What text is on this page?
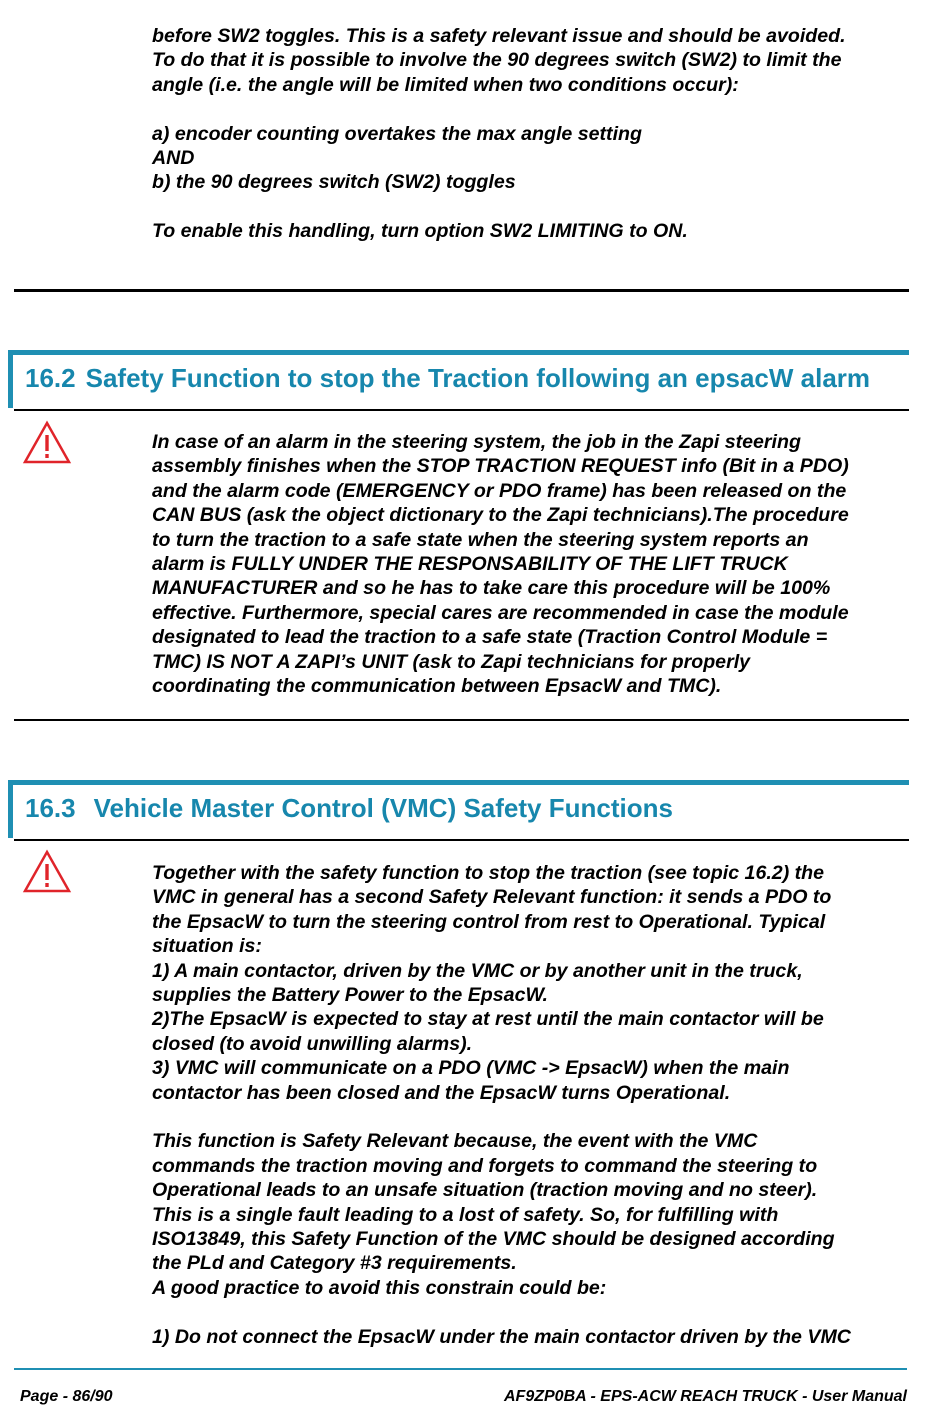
before SW2 toggles. This is a safety relevant issue and should be avoided.

To do that it is possible to involve the 90 degrees switch (SW2) to limit the

angle (i.e. the angle will be limited when two conditions occur):

a) encoder counting overtakes the max angle setting

AND

b) the 90 degrees switch (SW2) toggles

To enable this handling, turn option SW2 LIMITING to ON.

16.2 Safety Function to stop the Traction following an epsacW alarm

In case of an alarm in the steering system, the job in the Zapi steering

assembly finishes when the STOP TRACTION REQUEST info (Bit in a PDO)

and the alarm code (EMERGENCY or PDO frame) has been released on the

CAN BUS (ask the object dictionary to the Zapi technicians).The procedure

to turn the traction to a safe state when the steering system reports an

alarm is FULLY UNDER THE RESPONSABILITY OF THE LIFT TRUCK

MANUFACTURER and so he has to take care this procedure will be 100%

effective. Furthermore, special cares are recommended in case the module

designated to lead the traction to a safe state (Traction Control Module =

TMC) IS NOT A ZAPI’s UNIT (ask to Zapi technicians for properly

coordinating the communication between EpsacW and TMC).

16.3 Vehicle Master Control (VMC) Safety Functions

Together with the safety function to stop the traction (see topic 16.2) the

VMC in general has a second Safety Relevant function: it sends a PDO to

the EpsacW to turn the steering control from rest to Operational. Typical

situation is:

1) A main contactor, driven by the VMC or by another unit in the truck,

supplies the Battery Power to the EpsacW.

2)The EpsacW is expected to stay at rest until the main contactor will be

closed (to avoid unwilling alarms).

3) VMC will communicate on a PDO (VMC -> EpsacW) when the main

contactor has been closed and the EpsacW turns Operational.

This function is Safety Relevant because, the event with the VMC

commands the traction moving and forgets to command the steering to

Operational leads to an unsafe situation (traction moving and no steer).

This is a single fault leading to a lost of safety. So, for fulfilling with

ISO13849, this Safety Function of the VMC should be designed according

the PLd and Category #3 requirements.

A good practice to avoid this constrain could be:

1) Do not connect the EpsacW under the main contactor driven by the VMC

Page - 86/90	AF9ZP0BA - EPS-ACW REACH TRUCK - User Manual
